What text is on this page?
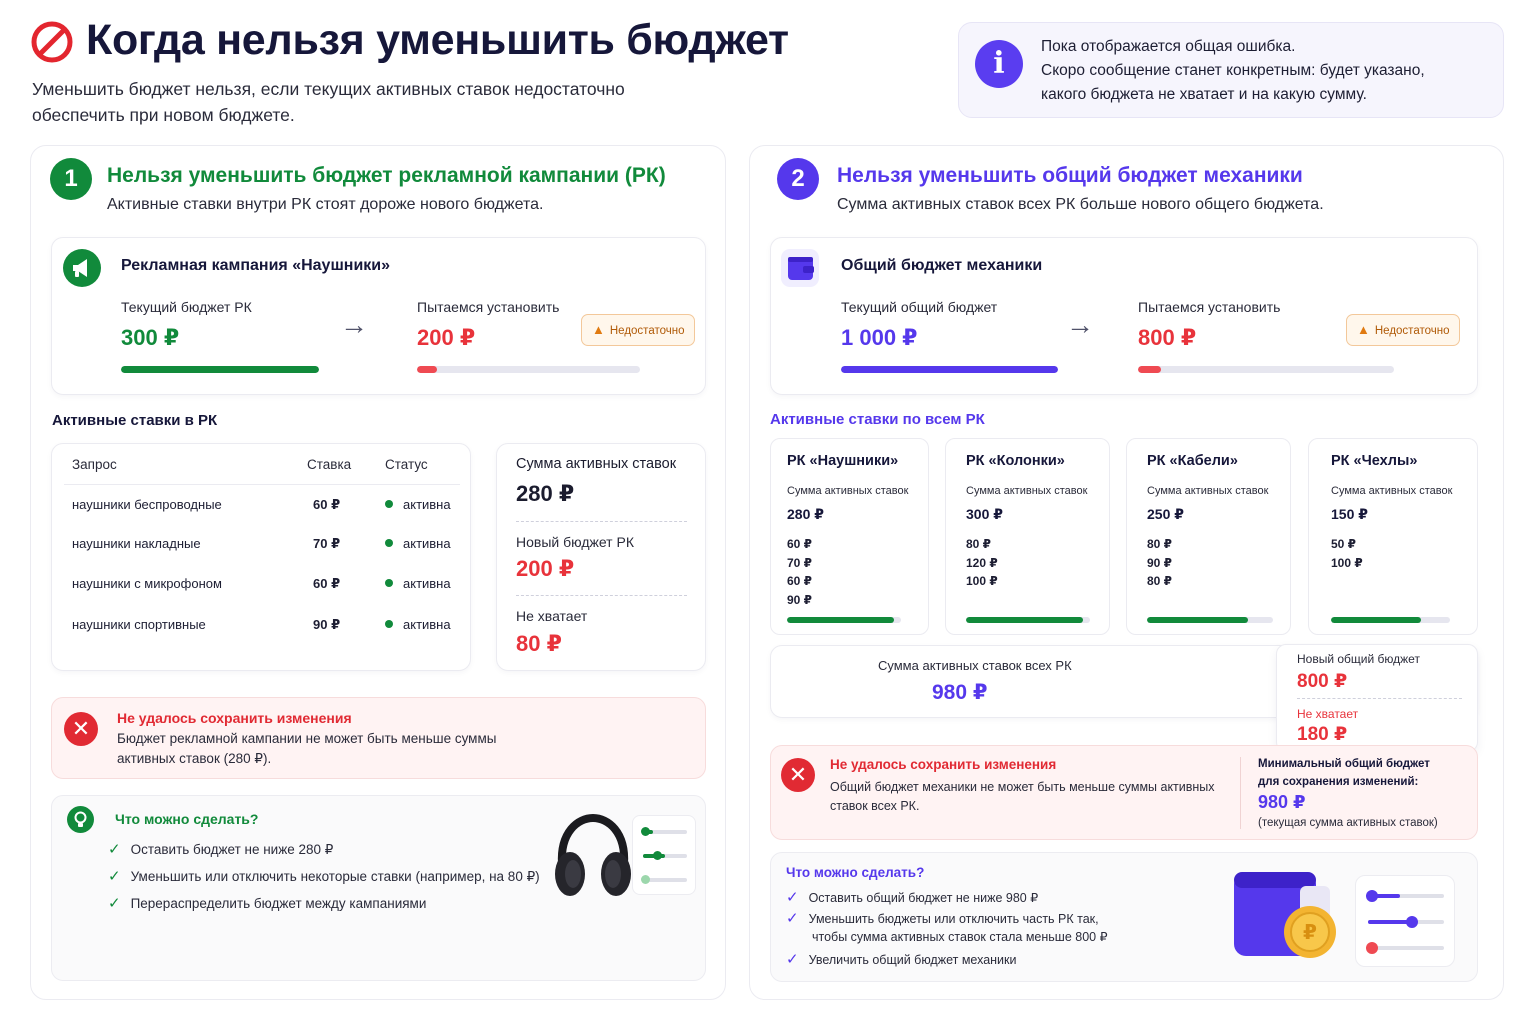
Когда нельзя уменьшить бюджет
Уменьшить бюджет нельзя, если текущих активных ставок недостаточно обеспечить при новом бюджете.
i	Пока отображается общая ошибка.
Скоро сообщение станет конкретным: будет указано,
какого бюджета не хватает и на какую сумму.
1	Нельзя уменьшить бюджет рекламной кампании (РК)
Активные ставки внутри РК стоят дороже нового бюджета.
Рекламная кампания «Наушники»
Текущий бюджет РК
300 ₽	→
Пытаемся установить
200 ₽	▲ Недостаточно
Активные ставки в РК
Запрос	Ставка	Статус
наушники беспроводные	60 ₽	активна
наушники накладные	70 ₽	активна
наушники с микрофоном	60 ₽	активна
наушники спортивные	90 ₽	активна
Сумма активных ставок
280 ₽
Новый бюджет РК
200 ₽
Не хватает
80 ₽
✕	Не удалось сохранить изменения
Бюджет рекламной кампании не может быть меньше суммы
активных ставок (280 ₽).
Что можно сделать?
✓ Оставить бюджет не ниже 280 ₽
✓ Уменьшить или отключить некоторые ставки (например, на 80 ₽)
✓ Перераспределить бюджет между кампаниями
2	Нельзя уменьшить общий бюджет механики
Сумма активных ставок всех РК больше нового общего бюджета.
Общий бюджет механики
Текущий общий бюджет
1 000 ₽	→
Пытаемся установить
800 ₽	▲ Недостаточно
Активные ставки по всем РК
РК «Наушники»
Сумма активных ставок
280 ₽
60 ₽
70 ₽
60 ₽
90 ₽
РК «Колонки»
Сумма активных ставок
300 ₽
80 ₽
120 ₽
100 ₽
РК «Кабели»
Сумма активных ставок
250 ₽
80 ₽
90 ₽
80 ₽
РК «Чехлы»
Сумма активных ставок
150 ₽
50 ₽
100 ₽
Сумма активных ставок всех РК
980 ₽
Новый общий бюджет
800 ₽
Не хватает
180 ₽
✕	Не удалось сохранить изменения
Общий бюджет механики не может быть меньше суммы активных
ставок всех РК.
Минимальный общий бюджет
для сохранения изменений:
980 ₽
(текущая сумма активных ставок)
Что можно сделать?
✓ Оставить общий бюджет не ниже 980 ₽
✓ Уменьшить бюджеты или отключить часть РК так,
чтобы сумма активных ставок стала меньше 800 ₽
✓ Увеличить общий бюджет механики
₽
